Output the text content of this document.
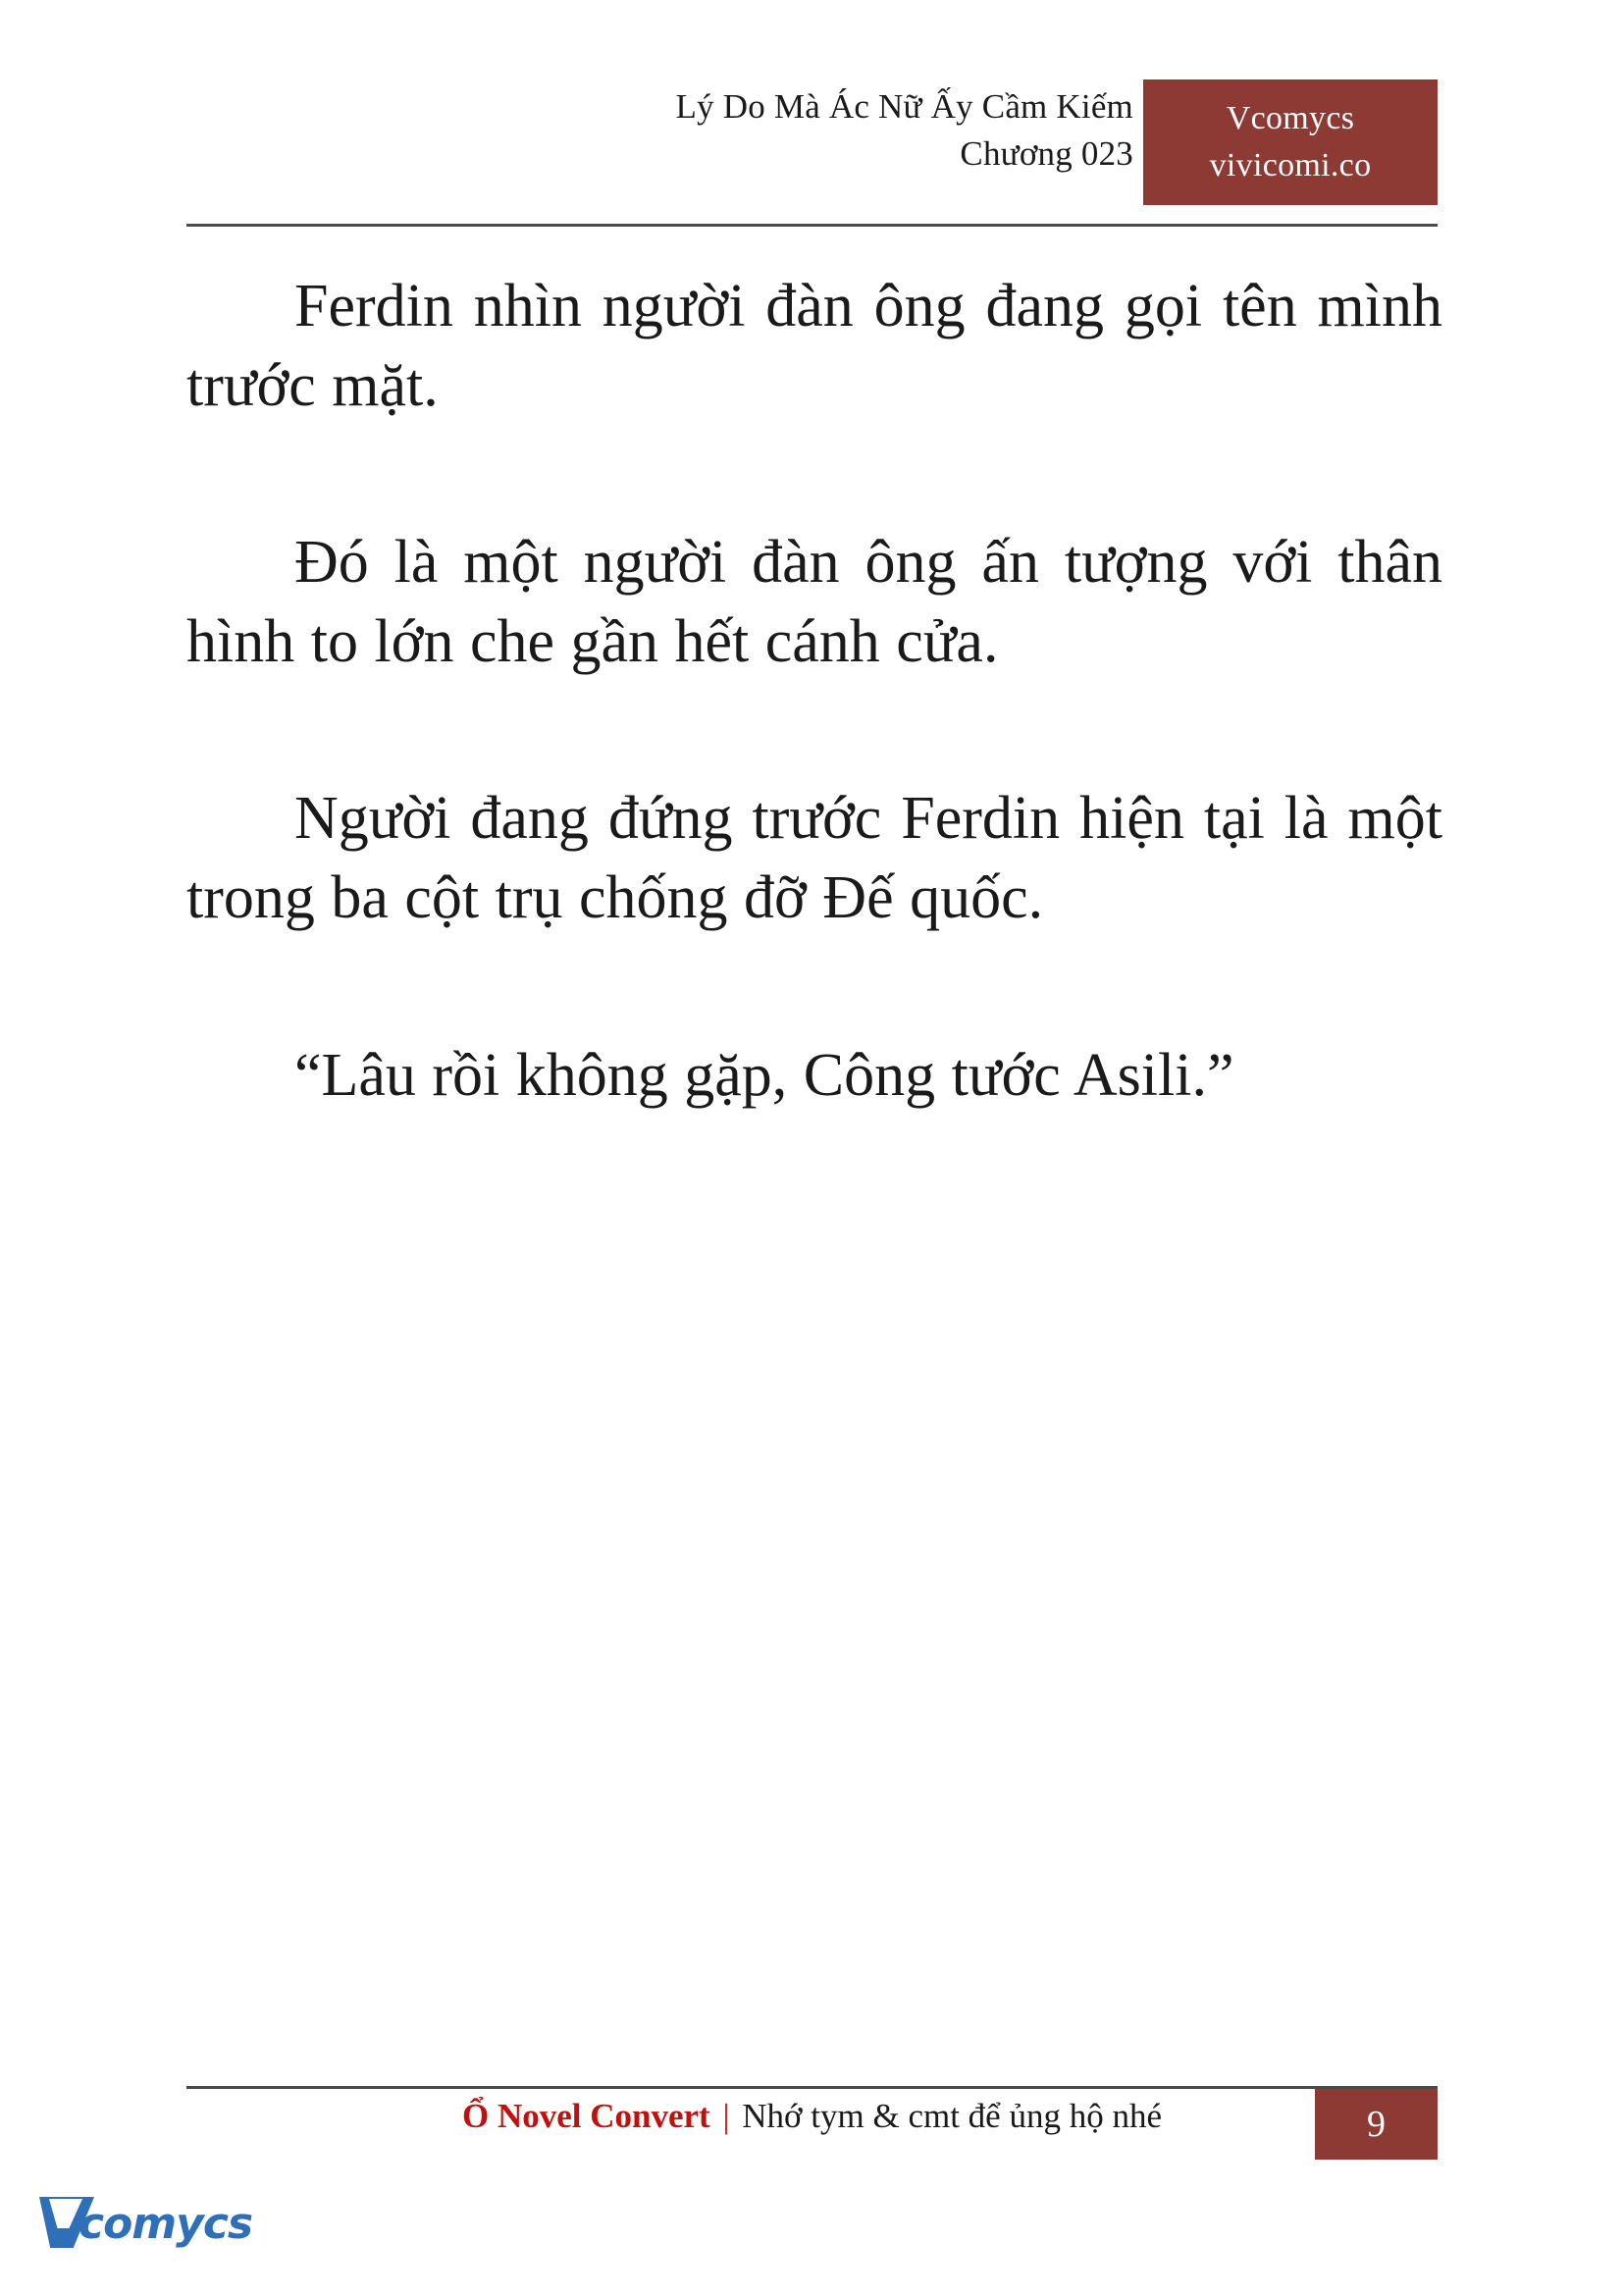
Lý Do Mà Ác Nữ Ấy Cầm Kiếm
Chương 023
Vcomycs
vivicomi.co

Ferdin nhìn người đàn ông đang gọi tên mình trước mặt.

Đó là một người đàn ông ấn tượng với thân hình to lớn che gần hết cánh cửa.

Người đang đứng trước Ferdin hiện tại là một trong ba cột trụ chống đỡ Đế quốc.

“Lâu rồi không gặp, Công tước Asili.”

Ổ Novel Convert | Nhớ tym & cmt để ủng hộ nhé	9
comycs
